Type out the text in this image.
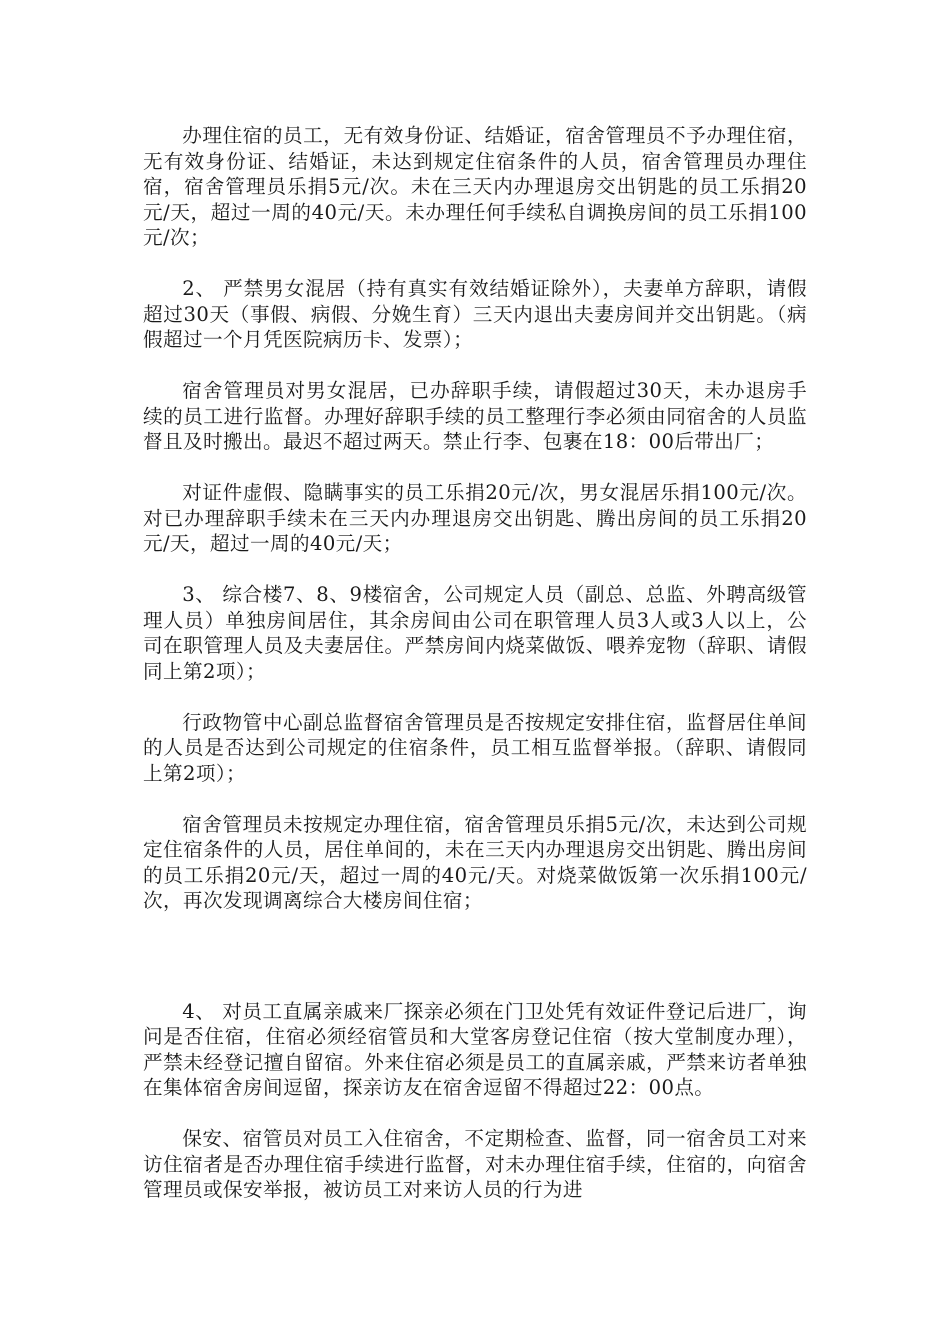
办理住宿的员工，无有效身份证、结婚证，宿舍管理员不予办理住宿，无有效身份证、结婚证，未达到规定住宿条件的人员，宿舍管理员办理住宿，宿舍管理员乐捐5元/次。未在三天内办理退房交出钥匙的员工乐捐20元/天，超过一周的40元/天。未办理任何手续私自调换房间的员工乐捐100元/次；

2、 严禁男女混居（持有真实有效结婚证除外），夫妻单方辞职，请假超过30天（事假、病假、分娩生育）三天内退出夫妻房间并交出钥匙。（病假超过一个月凭医院病历卡、发票）；

宿舍管理员对男女混居，已办辞职手续，请假超过30天，未办退房手续的员工进行监督。办理好辞职手续的员工整理行李必须由同宿舍的人员监督且及时搬出。最迟不超过两天。禁止行李、包裹在18：00后带出厂；

对证件虚假、隐瞒事实的员工乐捐20元/次，男女混居乐捐100元/次。对已办理辞职手续未在三天内办理退房交出钥匙、腾出房间的员工乐捐20元/天，超过一周的40元/天；

3、 综合楼7、8、9楼宿舍，公司规定人员（副总、总监、外聘高级管理人员）单独房间居住，其余房间由公司在职管理人员3人或3人以上，公司在职管理人员及夫妻居住。严禁房间内烧菜做饭、喂养宠物（辞职、请假同上第2项）；

行政物管中心副总监督宿舍管理员是否按规定安排住宿，监督居住单间的人员是否达到公司规定的住宿条件，员工相互监督举报。（辞职、请假同上第2项）；

宿舍管理员未按规定办理住宿，宿舍管理员乐捐5元/次，未达到公司规定住宿条件的人员，居住单间的，未在三天内办理退房交出钥匙、腾出房间的员工乐捐20元/天，超过一周的40元/天。对烧菜做饭第一次乐捐100元/次，再次发现调离综合大楼房间住宿；

4、 对员工直属亲戚来厂探亲必须在门卫处凭有效证件登记后进厂，询问是否住宿，住宿必须经宿管员和大堂客房登记住宿（按大堂制度办理），严禁未经登记擅自留宿。外来住宿必须是员工的直属亲戚，严禁来访者单独在集体宿舍房间逗留，探亲访友在宿舍逗留不得超过22：00点。

保安、宿管员对员工入住宿舍，不定期检查、监督，同一宿舍员工对来访住宿者是否办理住宿手续进行监督，对未办理住宿手续，住宿的，向宿舍管理员或保安举报，被访员工对来访人员的行为进
